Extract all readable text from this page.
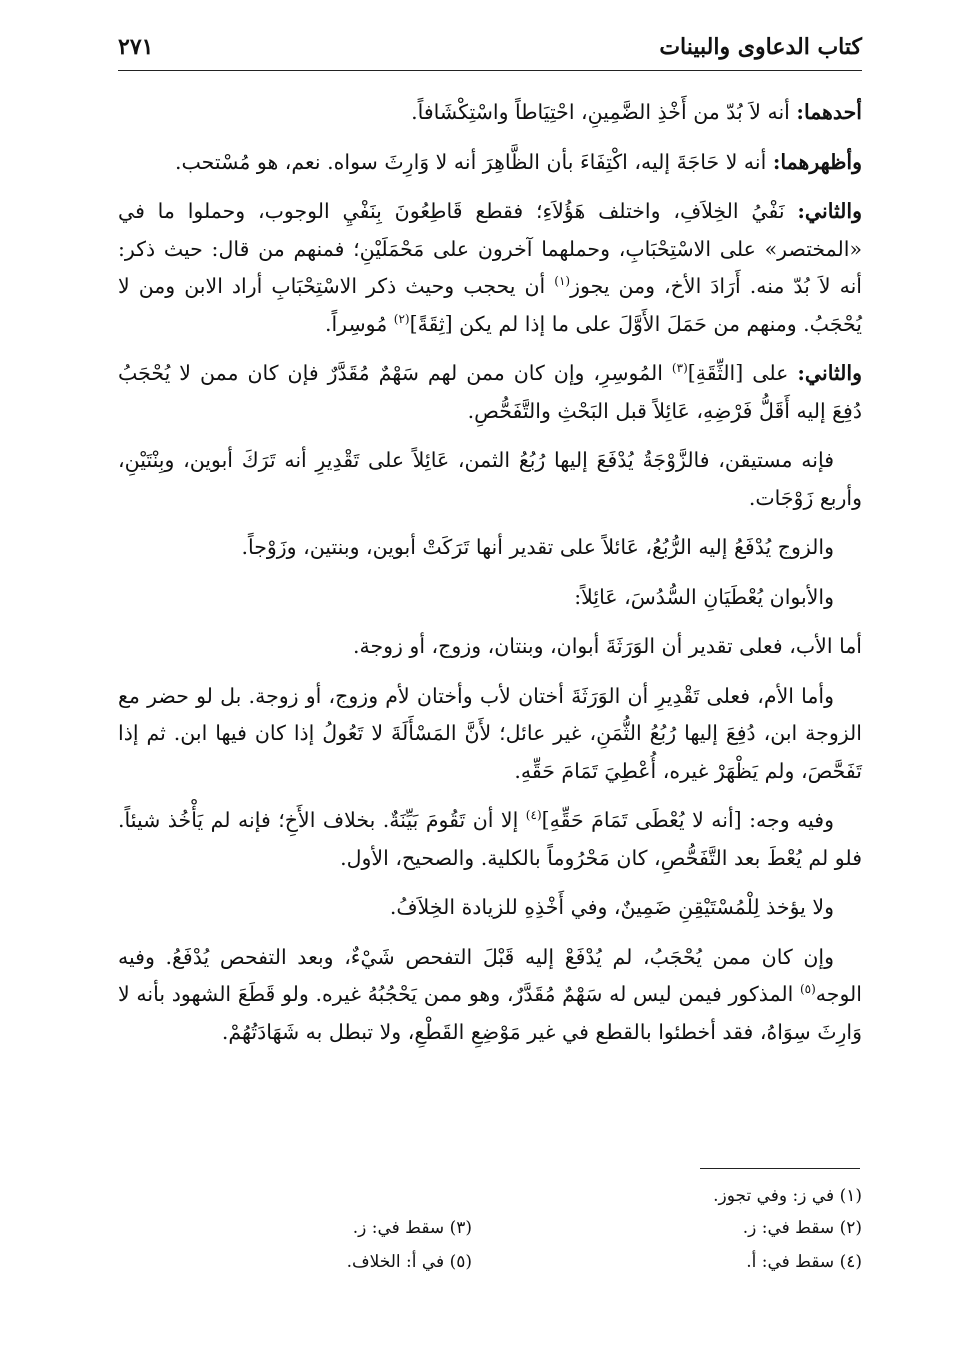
كتاب الدعاوى والبينات
٢٧١

أحدهما: أنه لاَ بُدّ من أَخْذِ الضَّمِينِ، احْتِيَاطاً واسْتِكْشَافاً.

وأظهرهما: أنه لا حَاجَةَ إليه، اكْتِفَاءَ بأن الظَّاهِرَ أنه لا وَارِثَ سواه. نعم، هو مُسْتحب.

والثاني: نَفْيُ الخِلاَفِ، واختلف هَؤُلاَءِ؛ فقطع قَاطِعُونَ بِنَفْيِ الوجوب، وحملوا ما في «المختصر» على الاسْتِحْبَابِ، وحملهما آخرون على مَحْمَلَيْنِ؛ فمنهم من قال: حيث ذكر: أنه لاَ بُدّ منه. أَرَادَ الأخ، ومن يجوز$^{(١)}$ أن يحجب وحيث ذكر الاسْتِحْبَابِ أراد الابن ومن لا يُحْجَبُ. ومنهم من حَمَلَ الأَوَّلَ على ما إذا لم يكن [ثِقَةً]$^{(٢)}$ مُوسِراً.

والثاني: على [الثِّقَةِ]$^{(٣)}$ المُوسِرِ، وإن كان ممن لهم سَهْمٌ مُقَدَّرٌ فإن كان ممن لا يُحْجَبُ دُفِعَ إليه أَقَلُّ فَرْضِهِ، عَائِلاً قبل البَحْثِ والتَّفَحُّصِ.

فإنه مستيقن، فالزَّوْجَةُ يُدْفَعَ إليها رُبُعُ الثمن، عَائِلاً على تَقْدِيرِ أنه تَرَكَ أبوين، وبِنْتَيْنِ، وأربع زَوْجَات.

والزوج يُدْفَعُ إليه الرُّبُعُ، عَائلاً على تقدير أنها تَرَكَتْ أبوين، وبنتين، وزَوْجاً.

والأبوان يُعْطَيَانِ السُّدُسَ، عَائِلاً:

أما الأب، فعلى تقدير أن الوَرَثَةَ أبوان، وبنتان، وزوج، أو زوجة.

وأما الأم، فعلى تَقْدِيرِ أن الوَرَثَةَ أختان لأب وأختان لأم وزوج، أو زوجة. بل لو حضر مع الزوجة ابن، دُفِعَ إليها رُبُعُ الثُّمَنِ، غير عائل؛ لأَنَّ المَسْأَلَةَ لا تَعُولُ إذا كان فيها ابن. ثم إذا تَفَحَّصَ، ولم يَظْهَرْ غيره، أُعْطِيَ تَمَامَ حَقِّهِ.

وفيه وجه: [أنه لا يُعْطَى تَمَامَ حَقِّهِ]$^{(٤)}$ إلا أن تَقُومَ بَيِّنَةٌ. بخلاف الأَخِ؛ فإنه لم يَأْخُذ شيئاً. فلو لم يُعْطَ بعد التَّفَحُّصِ، كان مَحْرُوماً بالكلية. والصحيح، الأول.

ولا يؤخذ لِلْمُسْتَيْقِنِ ضَمِينٌ، وفي أَخْذِهِ للزيادة الخِلاَفُ.

وإن كان ممن يُحْجَبُ، لم يُدْفَعْ إليه قَبْلَ التفحص شَيْءٌ، وبعد التفحص يُدْفَعُ. وفيه الوجه$^{(٥)}$ المذكور فيمن ليس له سَهْمٌ مُقَدَّرٌ، وهو ممن يَحْجُبُهُ غيره. ولو قَطَعَ الشهود بأنه لا وَارِثَ سِوَاهُ، فقد أخطئوا بالقطع في غير مَوْضِعِ القَطْعِ، ولا تبطل به شَهَادَتُهُمْ.

(١) في ز: وفي تجوز.
(٢) سقط في: ز.
(٣) سقط في: ز.
(٤) سقط في: أ.
(٥) في أ: الخلاف.
